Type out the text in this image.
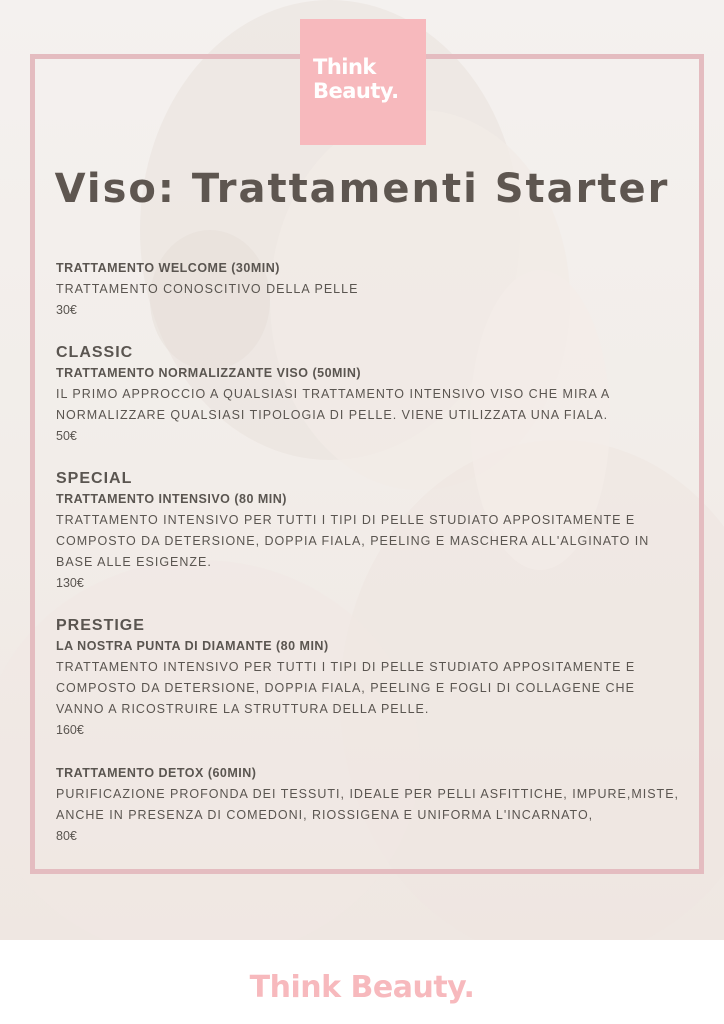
Think
Beauty.
Viso: Trattamenti Starter

TRATTAMENTO WELCOME (30MIN)

TRATTAMENTO CONOSCITIVO DELLA PELLE

30€

CLASSIC

TRATTAMENTO NORMALIZZANTE VISO (50MIN)

IL PRIMO APPROCCIO A QUALSIASI TRATTAMENTO INTENSIVO VISO CHE MIRA A NORMALIZZARE QUALSIASI TIPOLOGIA DI PELLE. VIENE UTILIZZATA UNA FIALA.

50€

SPECIAL

TRATTAMENTO INTENSIVO (80 MIN)

TRATTAMENTO INTENSIVO PER TUTTI I TIPI DI PELLE STUDIATO APPOSITAMENTE E COMPOSTO DA DETERSIONE, DOPPIA FIALA, PEELING E MASCHERA ALL'ALGINATO IN BASE ALLE ESIGENZE.

130€

PRESTIGE

LA NOSTRA PUNTA DI DIAMANTE (80 MIN)

TRATTAMENTO INTENSIVO PER TUTTI I TIPI DI PELLE STUDIATO APPOSITAMENTE E COMPOSTO DA DETERSIONE, DOPPIA FIALA, PEELING E FOGLI DI COLLAGENE CHE VANNO A RICOSTRUIRE LA STRUTTURA DELLA PELLE.

160€

TRATTAMENTO DETOX (60MIN)

PURIFICAZIONE PROFONDA DEI TESSUTI, IDEALE PER PELLI ASFITTICHE, IMPURE,MISTE, ANCHE IN PRESENZA DI COMEDONI, RIOSSIGENA E UNIFORMA L'INCARNATO,

80€

Think Beauty.
